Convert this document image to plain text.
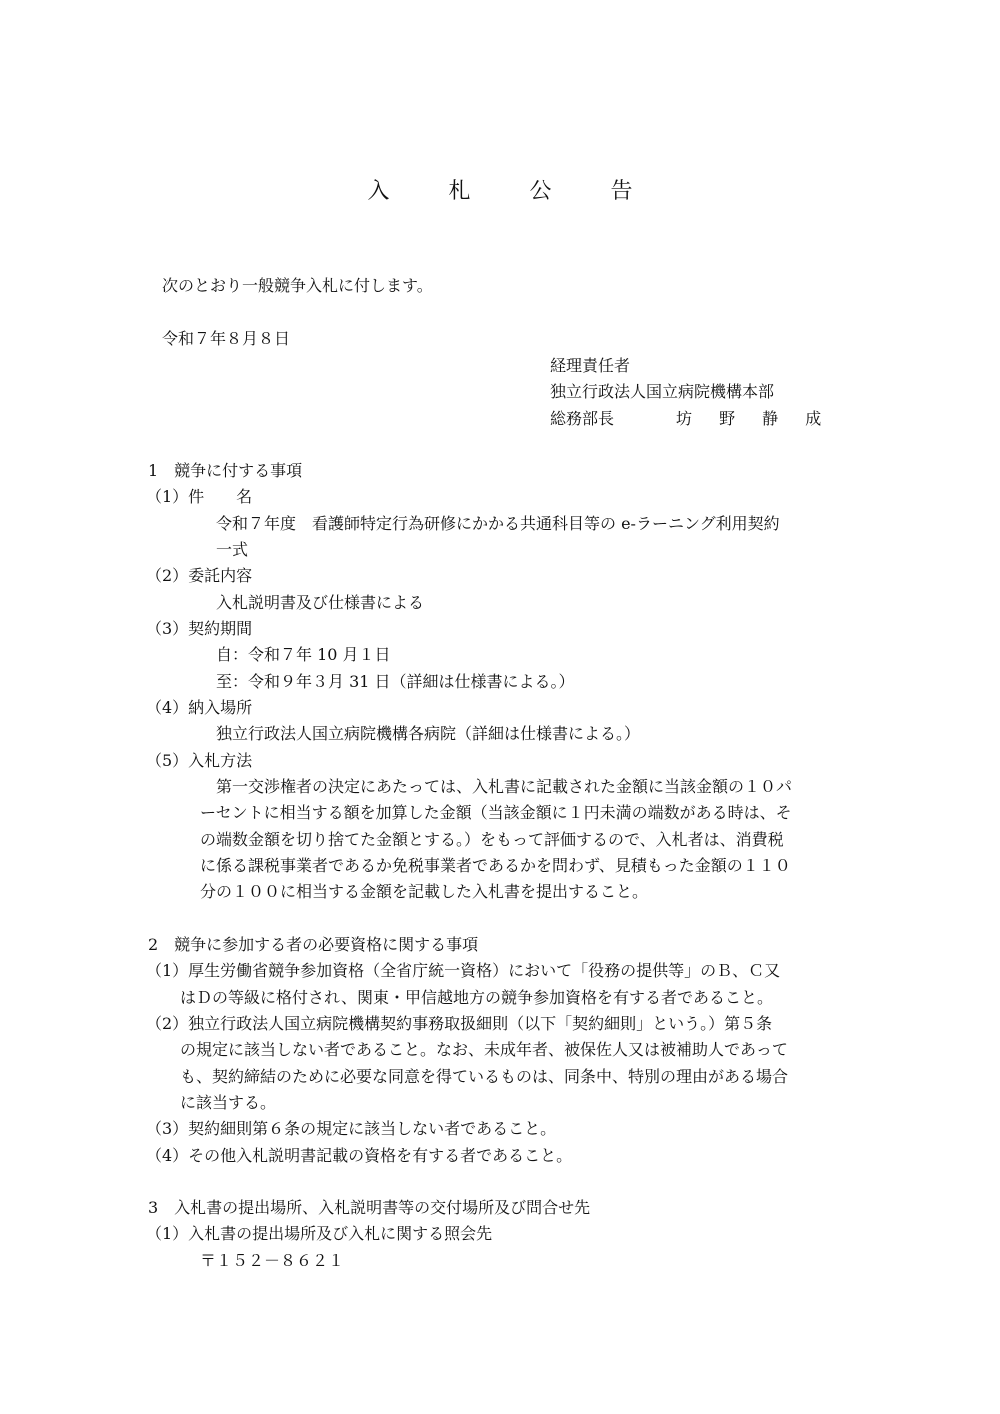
入 札 公 告
次のとおり一般競争入札に付します。
令和７年８月８日
経理責任者
独立行政法人国立病院機構本部
総務部長	坊 野 静 成
1　競争に付する事項
（1）件　　名
令和７年度　看護師特定行為研修にかかる共通科目等の e-ラーニング利用契約
一式
（2）委託内容
入札説明書及び仕様書による
（3）契約期間
自：令和７年 10 月１日
至：令和９年３月 31 日（詳細は仕様書による。）
（4）納入場所
独立行政法人国立病院機構各病院（詳細は仕様書による。）
（5）入札方法
第一交渉権者の決定にあたっては、入札書に記載された金額に当該金額の１０パ
ーセントに相当する額を加算した金額（当該金額に１円未満の端数がある時は、そ
の端数金額を切り捨てた金額とする。）をもって評価するので、入札者は、消費税
に係る課税事業者であるか免税事業者であるかを問わず、見積もった金額の１１０
分の１００に相当する金額を記載した入札書を提出すること。
2　競争に参加する者の必要資格に関する事項
（1）厚生労働省競争参加資格（全省庁統一資格）において「役務の提供等」のＢ、Ｃ又
はＤの等級に格付され、関東・甲信越地方の競争参加資格を有する者であること。
（2）独立行政法人国立病院機構契約事務取扱細則（以下「契約細則」という。）第５条
の規定に該当しない者であること。なお、未成年者、被保佐人又は被補助人であって
も、契約締結のために必要な同意を得ているものは、同条中、特別の理由がある場合
に該当する。
（3）契約細則第６条の規定に該当しない者であること。
（4）その他入札説明書記載の資格を有する者であること。
3　入札書の提出場所、入札説明書等の交付場所及び問合せ先
（1）入札書の提出場所及び入札に関する照会先
〒１５２－８６２１
